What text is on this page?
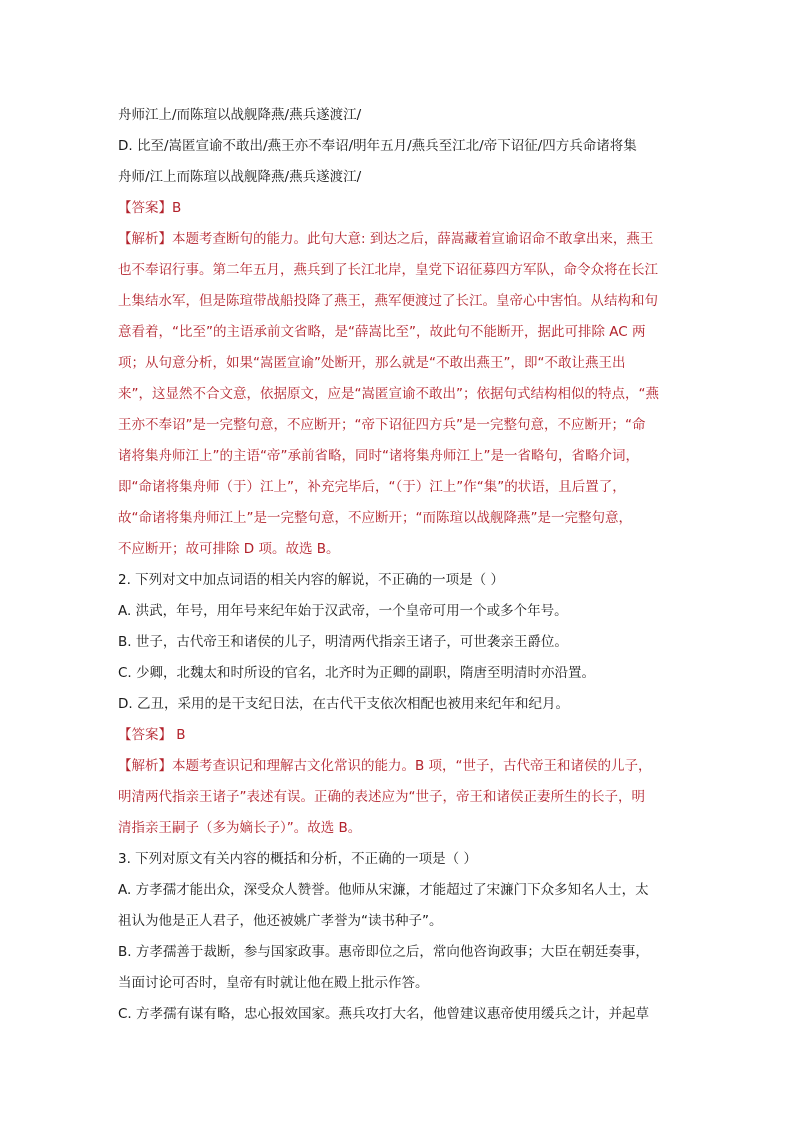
舟师江上/而陈瑄以战舰降燕/燕兵遂渡江/
D. 比至/嵩匿宣谕不敢出/燕王亦不奉诏/明年五月/燕兵至江北/帝下诏征/四方兵命诸将集
舟师/江上而陈瑄以战舰降燕/燕兵遂渡江/
【答案】B
【解析】本题考查断句的能力。此句大意: 到达之后，薛嵩藏着宣谕诏命不敢拿出来，燕王
也不奉诏行事。第二年五月，燕兵到了长江北岸，皇党下诏征募四方军队，命令众将在长江
上集结水军，但是陈瑄带战船投降了燕王，燕军便渡过了长江。皇帝心中害怕。从结构和句
意看着，“比至”的主语承前文省略，是“薛嵩比至”，故此句不能断开，据此可排除 AC 两
项；从句意分析，如果“嵩匿宣谕”处断开，那么就是“不敢出燕王”，即“不敢让燕王出
来”，这显然不合文意，依据原文，应是“嵩匿宣谕不敢出”；依据句式结构相似的特点，“燕
王亦不奉诏”是一完整句意，不应断开；“帝下诏征四方兵”是一完整句意，不应断开；“命
诸将集舟师江上”的主语“帝”承前省略，同时“诸将集舟师江上”是一省略句，省略介词，
即“命诸将集舟师（于）江上”，补充完毕后，“（于）江上”作“集”的状语，且后置了，
故“命诸将集舟师江上”是一完整句意，不应断开；“而陈瑄以战舰降燕”是一完整句意，
不应断开；故可排除 D 项。故选 B。
2. 下列对文中加点词语的相关内容的解说，不正确的一项是（ ）
A. 洪武，年号，用年号来纪年始于汉武帝，一个皇帝可用一个或多个年号。
B. 世子，古代帝王和诸侯的儿子，明清两代指亲王诸子，可世袭亲王爵位。
C. 少卿，北魏太和时所设的官名，北齐时为正卿的副职，隋唐至明清时亦沿置。
D. 乙丑，采用的是干支纪日法，在古代干支依次相配也被用来纪年和纪月。
【答案】 B
【解析】本题考查识记和理解古文化常识的能力。B 项，“世子，古代帝王和诸侯的儿子，
明清两代指亲王诸子”表述有误。正确的表述应为“世子，帝王和诸侯正妻所生的长子，明
清指亲王嗣子（多为嫡长子）”。故选 B。
3. 下列对原文有关内容的概括和分析，不正确的一项是（ ）
A. 方孝孺才能出众，深受众人赞誉。他师从宋濂，才能超过了宋濂门下众多知名人士，太
祖认为他是正人君子，他还被姚广孝誉为“读书种子”。
B. 方孝孺善于裁断，参与国家政事。惠帝即位之后，常向他咨询政事；大臣在朝廷奏事，
当面讨论可否时，皇帝有时就让他在殿上批示作答。
C. 方孝孺有谋有略，忠心报效国家。燕兵攻打大名，他曾建议惠帝使用缓兵之计，并起草
